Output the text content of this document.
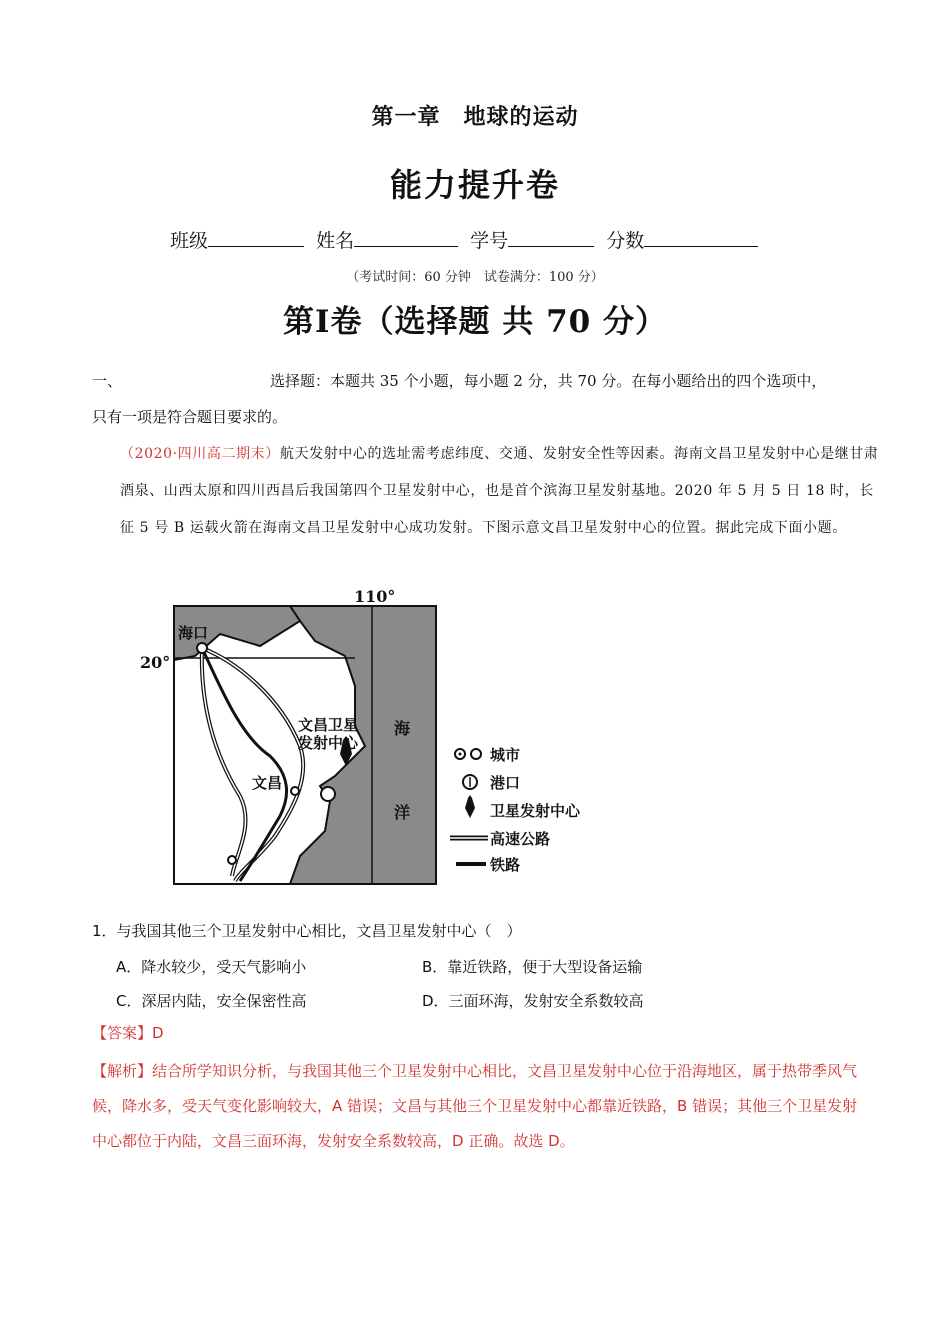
第一章　地球的运动
能力提升卷
班级	姓名	学号	分数
（考试时间：60 分钟　试卷满分：100 分）
第I卷（选择题 共 70 分）
一、	选择题：本题共 35 个小题，每小题 2 分，共 70 分。在每小题给出的四个选项中，
只有一项是符合题目要求的。
（2020·四川高二期末）航天发射中心的选址需考虑纬度、交通、发射安全性等因素。海南文昌卫星发射中心是继甘肃酒泉、山西太原和四川西昌后我国第四个卫星发射中心，也是首个滨海卫星发射基地。2020 年 5 月 5 日 18 时，长征 5 号 B 运载火箭在海南文昌卫星发射中心成功发射。下图示意文昌卫星发射中心的位置。据此完成下面小题。
海口
20°
110°
文昌卫星
发射中心
文昌
海
洋
城市
港口
卫星发射中心
高速公路
铁路
1．与我国其他三个卫星发射中心相比，文昌卫星发射中心（　）
A．降水较少，受天气影响小	B．靠近铁路，便于大型设备运输
C．深居内陆，安全保密性高	D．三面环海，发射安全系数较高
【答案】D
【解析】结合所学知识分析，与我国其他三个卫星发射中心相比，文昌卫星发射中心位于沿海地区，属于热带季风气候，降水多，受天气变化影响较大，A 错误；文昌与其他三个卫星发射中心都靠近铁路，B 错误；其他三个卫星发射中心都位于内陆，文昌三面环海，发射安全系数较高，D 正确。故选 D。
